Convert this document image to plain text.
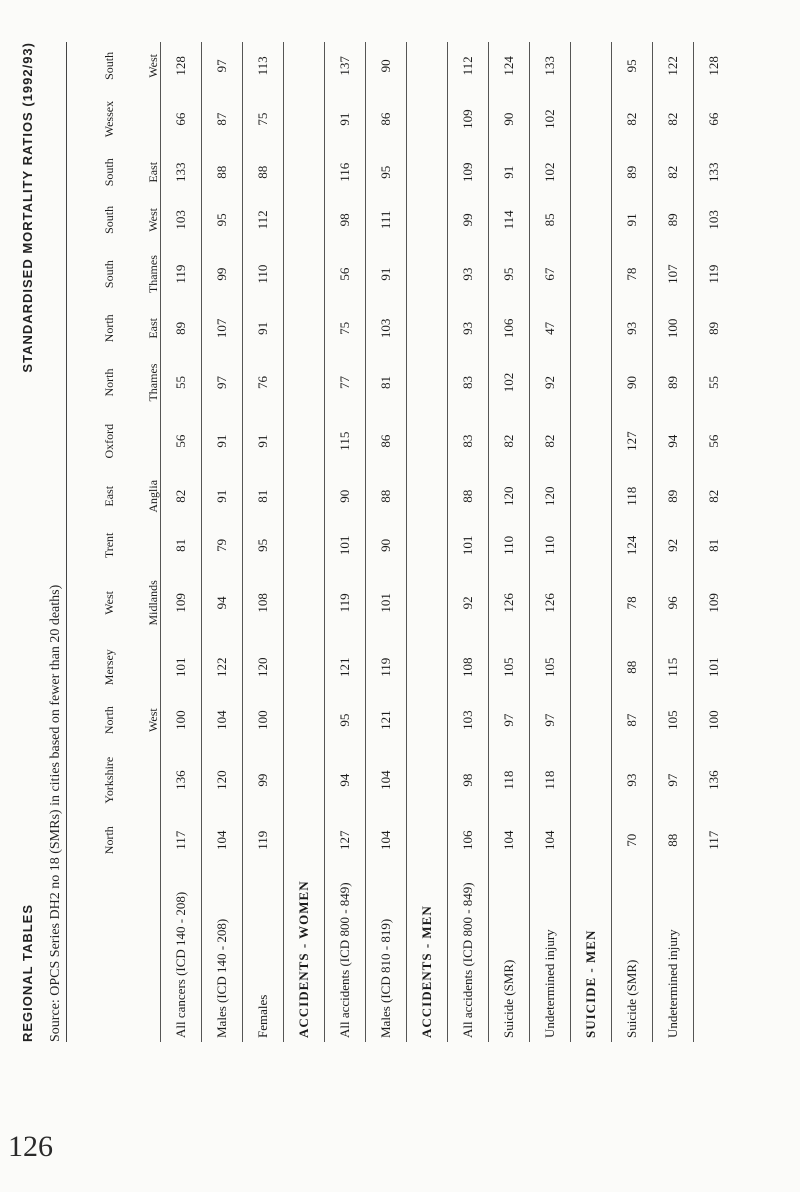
126
REGIONAL TABLES
STANDARDISED MORTALITY RATIOS (1992/93)
Source: OPCS Series DH2 no 18 (SMRs) in cities based on fewer than 20 deaths)
		North	Yorkshire	North	Mersey	West	Trent	East	Oxford	North	North	South	South	South	Wessex	South
			West		Midlands		Anglia		Thames	East	Thames	West	East		West
All cancers (ICD 140 - 208)	117	136	100	101	109	81	82	56	55	89	119	103	133	66	128
Males (ICD 140 - 208)	104	120	104	122	94	79	91	91	97	107	99	95	88	87	97
Females	119	99	100	120	108	95	81	91	76	91	110	112	88	75	113
ACCIDENTS - WOMEN															
All accidents (ICD 800 - 849)	127	94	95	121	119	101	90	115	77	75	56	98	116	91	137
Males (ICD 810 - 819)	104	104	121	119	101	90	88	86	81	103	91	111	95	86	90
ACCIDENTS - MEN															
All accidents (ICD 800 - 849)	106	98	103	108	92	101	88	83	83	93	93	99	109	109	112
Suicide (SMR)	104	118	97	105	126	110	120	82	102	106	95	114	91	90	124
Undetermined injury	104	118	97	105	126	110	120	82	92	47	67	85	102	102	133
SUICIDE - MEN															
Suicide (SMR)	70	93	87	88	78	124	118	127	90	93	78	91	89	82	95
Undetermined injury	88	97	105	115	96	92	89	94	89	100	107	89	82	82	122
	117	136	100	101	109	81	82	56	55	89	119	103	133	66	128
